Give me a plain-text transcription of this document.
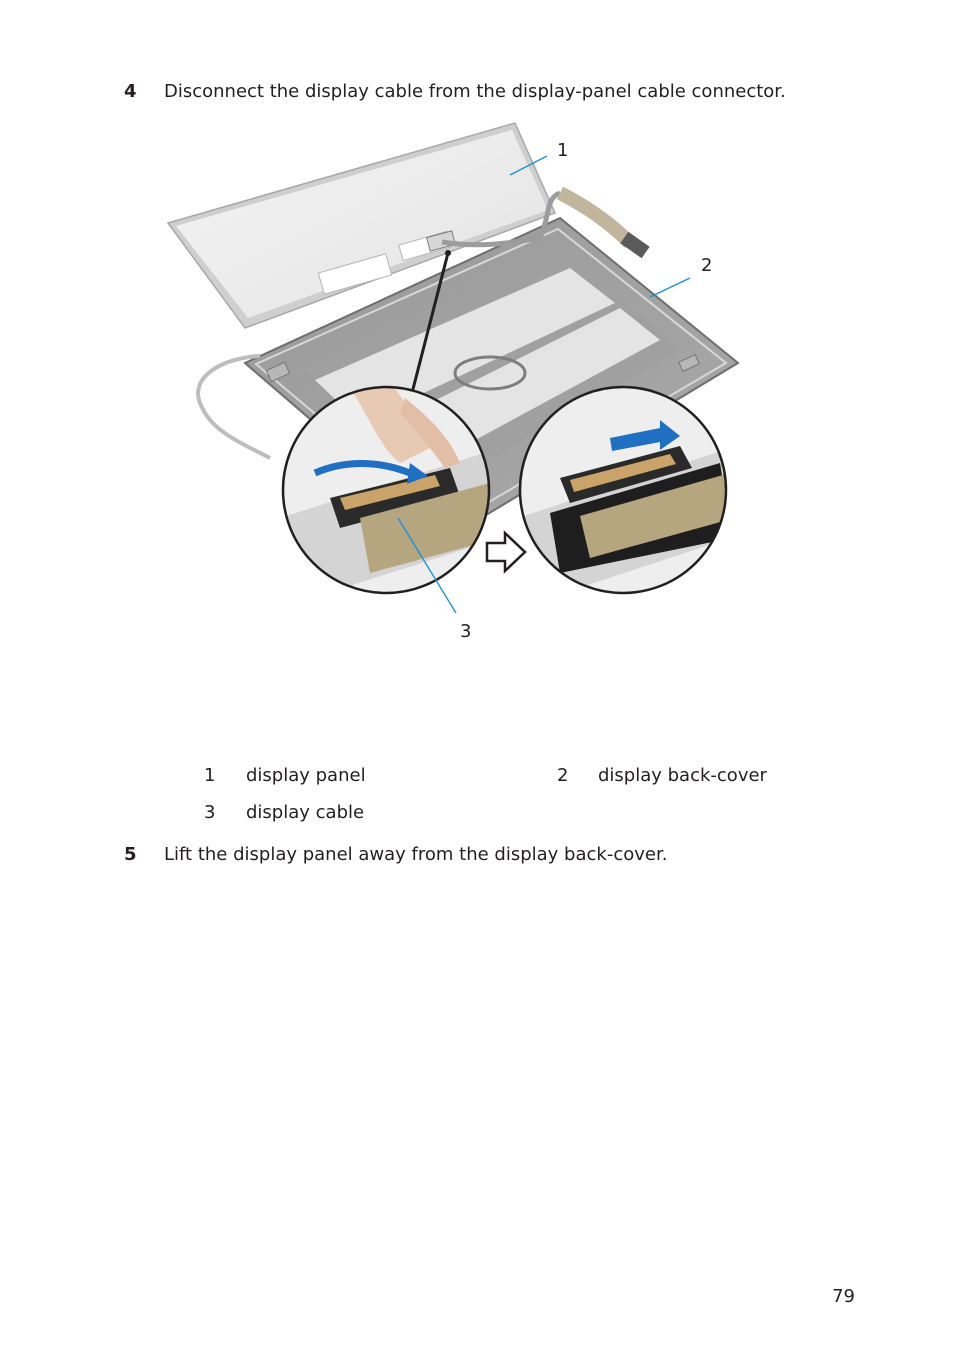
4	Disconnect the display cable from the display-panel cable connector.
1
2
3
1 display panel	2 display back-cover
3 display cable
5	Lift the display panel away from the display back-cover.
79
